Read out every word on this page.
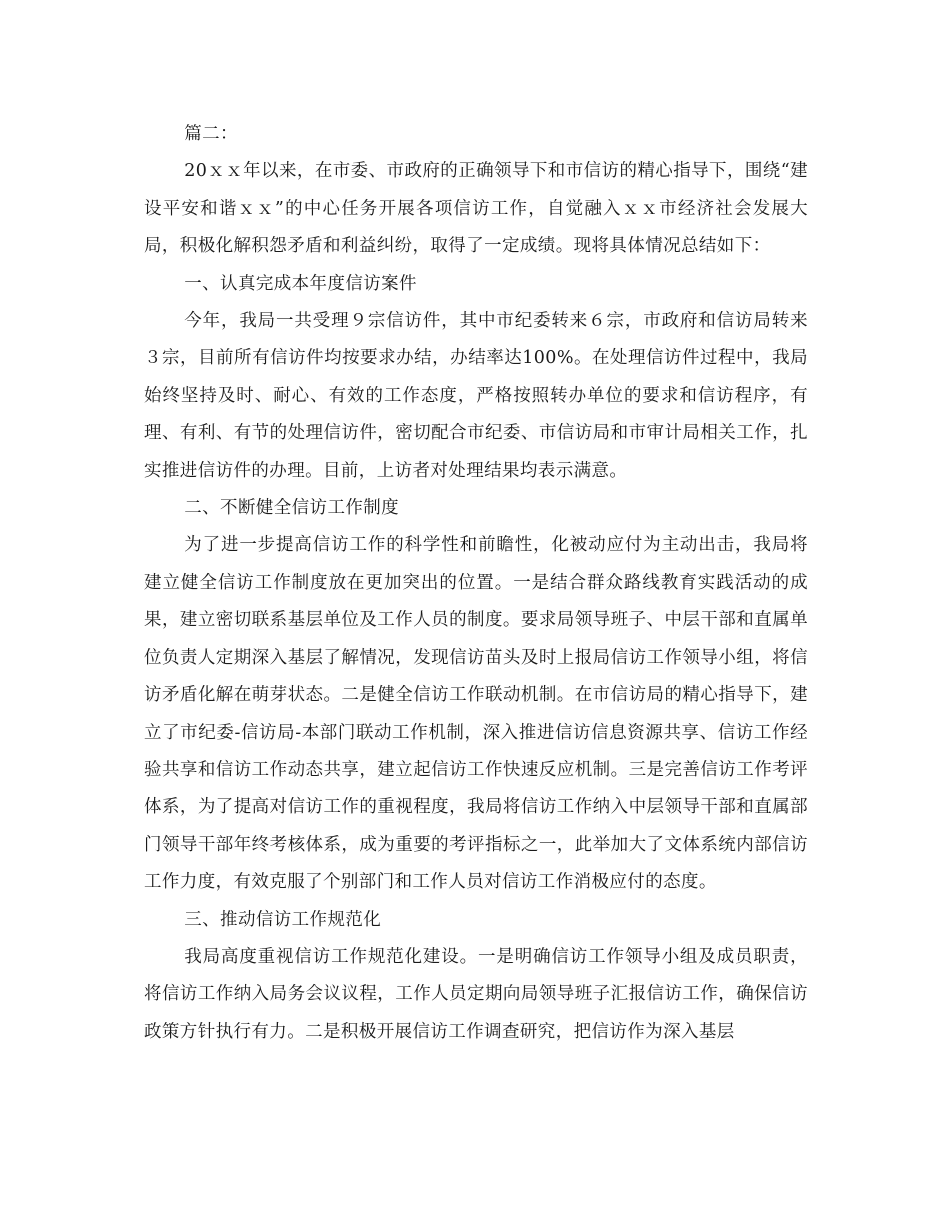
篇二：

20ｘｘ年以来，在市委、市政府的正确领导下和市信访的精心指导下，围绕“建设平安和谐ｘｘ”的中心任务开展各项信访工作，自觉融入ｘｘ市经济社会发展大局，积极化解积怨矛盾和利益纠纷，取得了一定成绩。现将具体情况总结如下：

一、认真完成本年度信访案件

今年，我局一共受理９宗信访件，其中市纪委转来６宗，市政府和信访局转来３宗，目前所有信访件均按要求办结，办结率达100%。在处理信访件过程中，我局始终坚持及时、耐心、有效的工作态度，严格按照转办单位的要求和信访程序，有理、有利、有节的处理信访件，密切配合市纪委、市信访局和市审计局相关工作，扎实推进信访件的办理。目前，上访者对处理结果均表示满意。

二、不断健全信访工作制度

为了进一步提高信访工作的科学性和前瞻性，化被动应付为主动出击，我局将建立健全信访工作制度放在更加突出的位置。一是结合群众路线教育实践活动的成果，建立密切联系基层单位及工作人员的制度。要求局领导班子、中层干部和直属单位负责人定期深入基层了解情况，发现信访苗头及时上报局信访工作领导小组，将信访矛盾化解在萌芽状态。二是健全信访工作联动机制。在市信访局的精心指导下，建立了市纪委-信访局-本部门联动工作机制，深入推进信访信息资源共享、信访工作经验共享和信访工作动态共享，建立起信访工作快速反应机制。三是完善信访工作考评体系，为了提高对信访工作的重视程度，我局将信访工作纳入中层领导干部和直属部门领导干部年终考核体系，成为重要的考评指标之一，此举加大了文体系统内部信访工作力度，有效克服了个别部门和工作人员对信访工作消极应付的态度。

三、推动信访工作规范化

我局高度重视信访工作规范化建设。一是明确信访工作领导小组及成员职责，将信访工作纳入局务会议议程，工作人员定期向局领导班子汇报信访工作，确保信访政策方针执行有力。二是积极开展信访工作调查研究，把信访作为深入基层
